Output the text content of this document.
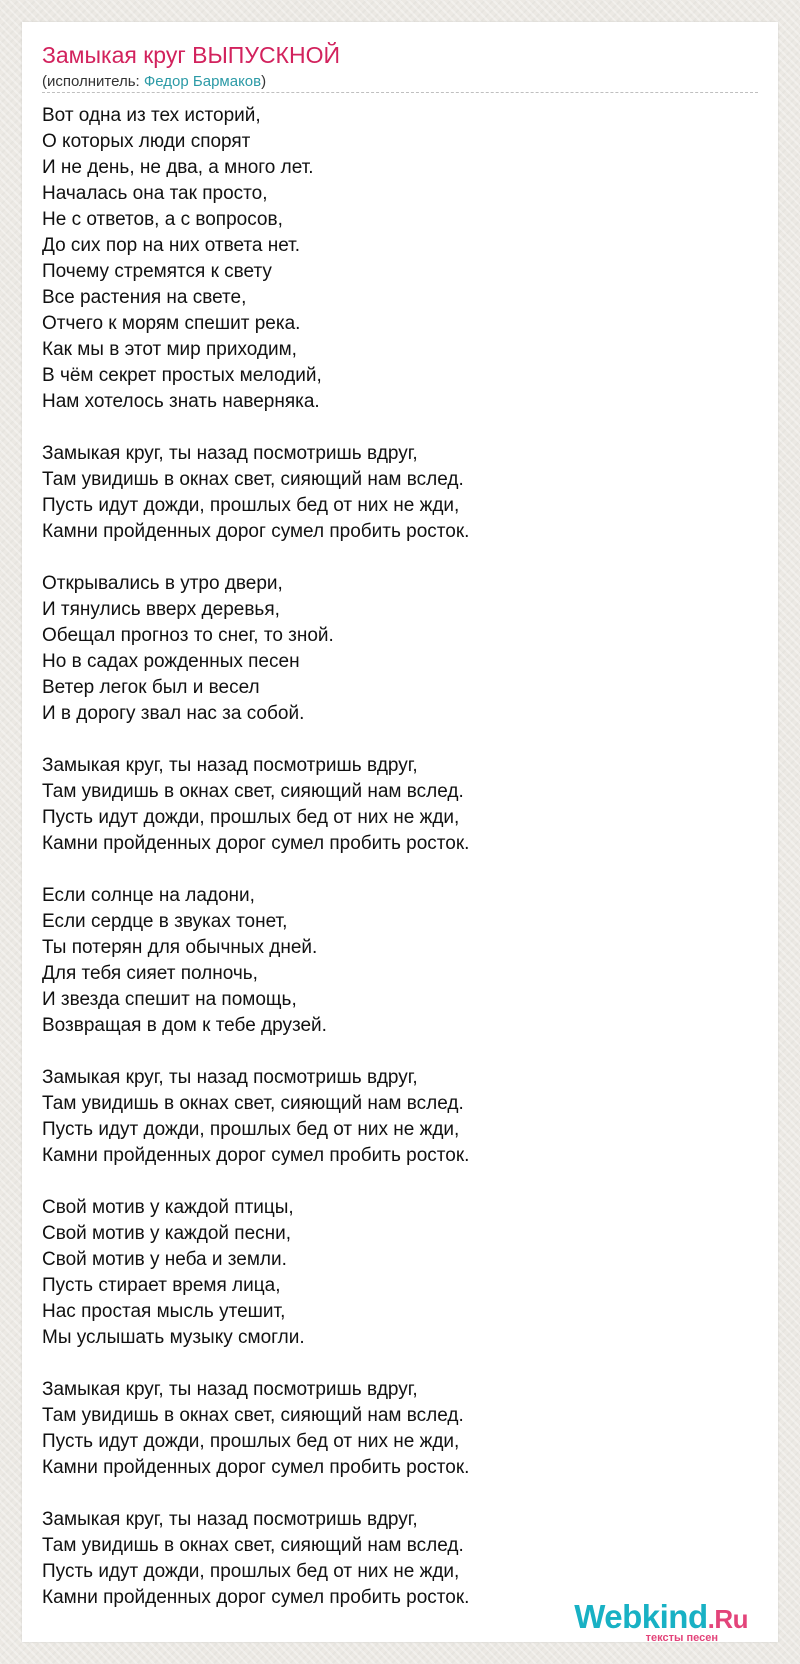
Замыкая круг ВЫПУСКНОЙ
(исполнитель: Федор Бармаков)
Вот одна из тех историй,
О которых люди спорят
И не день, не два, а много лет.
Началась она так просто,
Не с ответов, а с вопросов,
До сих пор на них ответа нет.
Почему стремятся к свету
Все растения на свете,
Отчего к морям спешит река.
Как мы в этот мир приходим,
В чём секрет простых мелодий,
Нам хотелось знать наверняка.
Замыкая круг, ты назад посмотришь вдруг,
Там увидишь в окнах свет, сияющий нам вслед.
Пусть идут дожди, прошлых бед от них не жди,
Камни пройденных дорог сумел пробить росток.
Открывались в утро двери,
И тянулись вверх деревья,
Обещал прогноз то снег, то зной.
Но в садах рожденных песен
Ветер легок был и весел
И в дорогу звал нас за собой.
Замыкая круг, ты назад посмотришь вдруг,
Там увидишь в окнах свет, сияющий нам вслед.
Пусть идут дожди, прошлых бед от них не жди,
Камни пройденных дорог сумел пробить росток.
Если солнце на ладони,
Если сердце в звуках тонет,
Ты потерян для обычных дней.
Для тебя сияет полночь,
И звезда спешит на помощь,
Возвращая в дом к тебе друзей.
Замыкая круг, ты назад посмотришь вдруг,
Там увидишь в окнах свет, сияющий нам вслед.
Пусть идут дожди, прошлых бед от них не жди,
Камни пройденных дорог сумел пробить росток.
Свой мотив у каждой птицы,
Свой мотив у каждой песни,
Свой мотив у неба и земли.
Пусть стирает время лица,
Нас простая мысль утешит,
Мы услышать музыку смогли.
Замыкая круг, ты назад посмотришь вдруг,
Там увидишь в окнах свет, сияющий нам вслед.
Пусть идут дожди, прошлых бед от них не жди,
Камни пройденных дорог сумел пробить росток.
Замыкая круг, ты назад посмотришь вдруг,
Там увидишь в окнах свет, сияющий нам вслед.
Пусть идут дожди, прошлых бед от них не жди,
Камни пройденных дорог сумел пробить росток.
Webkind.Ru
тексты песен
